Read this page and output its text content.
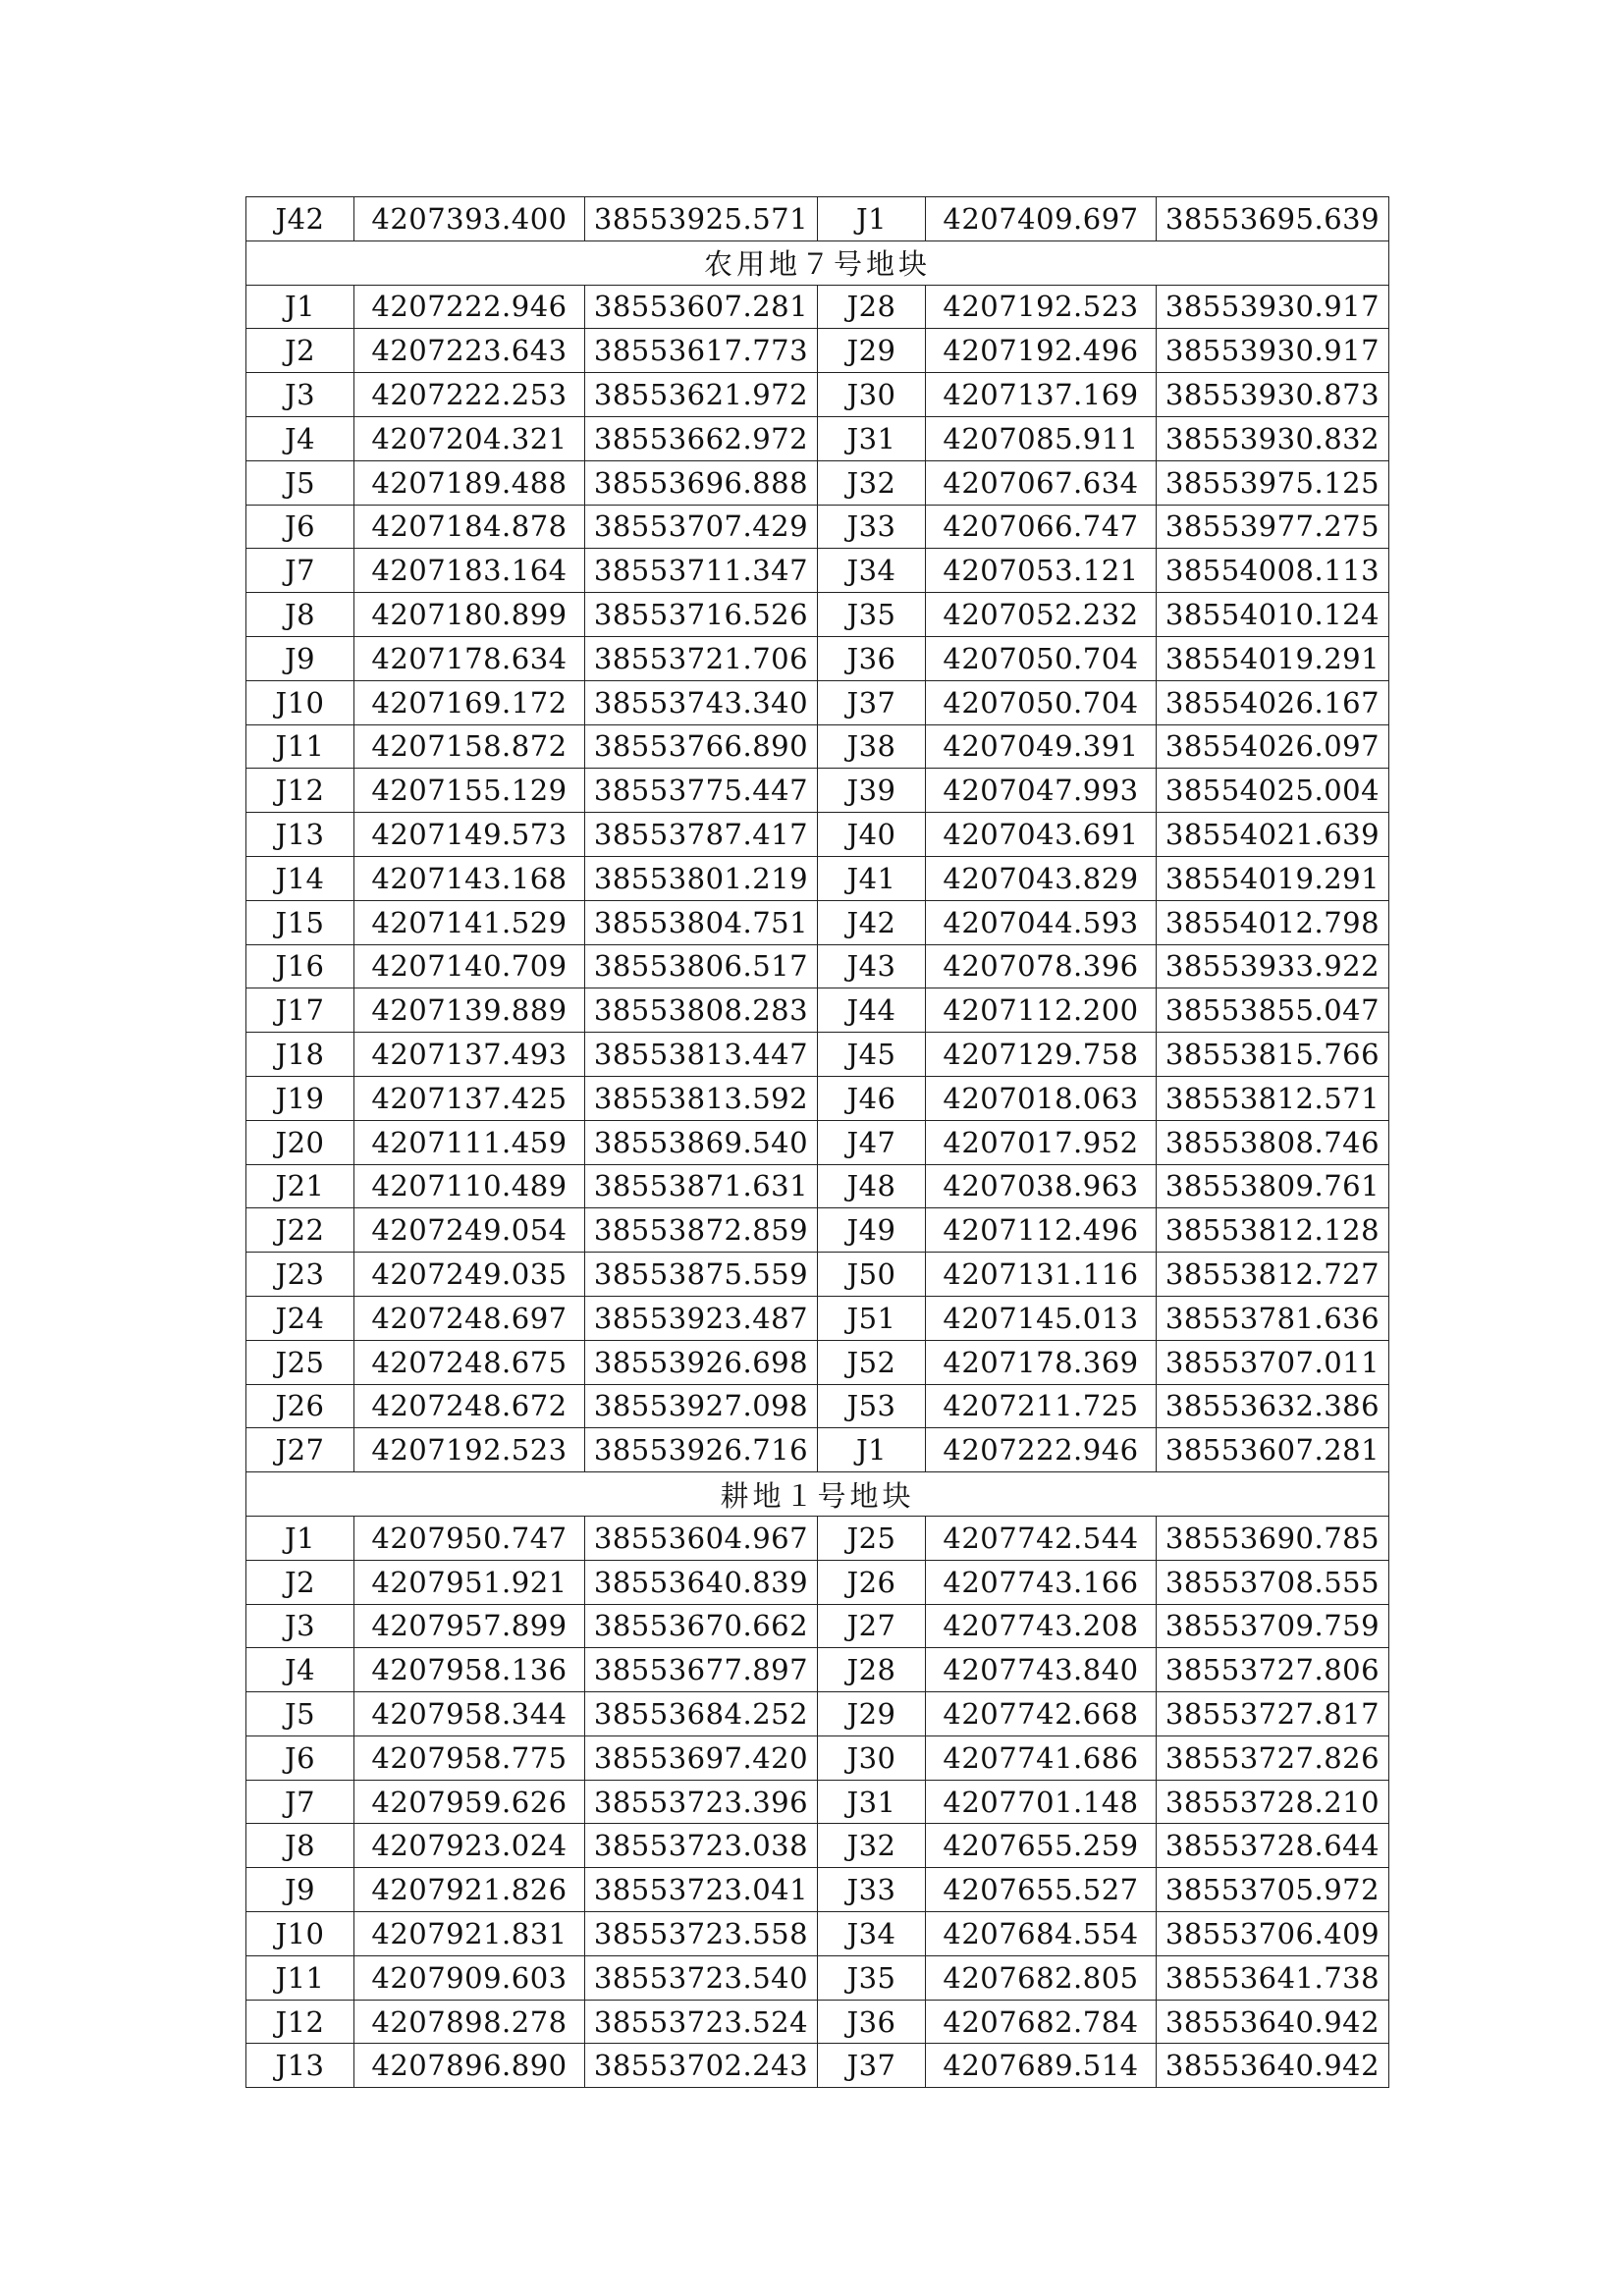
J42	4207393.400	38553925.571	J1	4207409.697	38553695.639
农用地７号地块					
J1	4207222.946	38553607.281	J28	4207192.523	38553930.917
J2	4207223.643	38553617.773	J29	4207192.496	38553930.917
J3	4207222.253	38553621.972	J30	4207137.169	38553930.873
J4	4207204.321	38553662.972	J31	4207085.911	38553930.832
J5	4207189.488	38553696.888	J32	4207067.634	38553975.125
J6	4207184.878	38553707.429	J33	4207066.747	38553977.275
J7	4207183.164	38553711.347	J34	4207053.121	38554008.113
J8	4207180.899	38553716.526	J35	4207052.232	38554010.124
J9	4207178.634	38553721.706	J36	4207050.704	38554019.291
J10	4207169.172	38553743.340	J37	4207050.704	38554026.167
J11	4207158.872	38553766.890	J38	4207049.391	38554026.097
J12	4207155.129	38553775.447	J39	4207047.993	38554025.004
J13	4207149.573	38553787.417	J40	4207043.691	38554021.639
J14	4207143.168	38553801.219	J41	4207043.829	38554019.291
J15	4207141.529	38553804.751	J42	4207044.593	38554012.798
J16	4207140.709	38553806.517	J43	4207078.396	38553933.922
J17	4207139.889	38553808.283	J44	4207112.200	38553855.047
J18	4207137.493	38553813.447	J45	4207129.758	38553815.766
J19	4207137.425	38553813.592	J46	4207018.063	38553812.571
J20	4207111.459	38553869.540	J47	4207017.952	38553808.746
J21	4207110.489	38553871.631	J48	4207038.963	38553809.761
J22	4207249.054	38553872.859	J49	4207112.496	38553812.128
J23	4207249.035	38553875.559	J50	4207131.116	38553812.727
J24	4207248.697	38553923.487	J51	4207145.013	38553781.636
J25	4207248.675	38553926.698	J52	4207178.369	38553707.011
J26	4207248.672	38553927.098	J53	4207211.725	38553632.386
J27	4207192.523	38553926.716	J1	4207222.946	38553607.281
耕地１号地块					
J1	4207950.747	38553604.967	J25	4207742.544	38553690.785
J2	4207951.921	38553640.839	J26	4207743.166	38553708.555
J3	4207957.899	38553670.662	J27	4207743.208	38553709.759
J4	4207958.136	38553677.897	J28	4207743.840	38553727.806
J5	4207958.344	38553684.252	J29	4207742.668	38553727.817
J6	4207958.775	38553697.420	J30	4207741.686	38553727.826
J7	4207959.626	38553723.396	J31	4207701.148	38553728.210
J8	4207923.024	38553723.038	J32	4207655.259	38553728.644
J9	4207921.826	38553723.041	J33	4207655.527	38553705.972
J10	4207921.831	38553723.558	J34	4207684.554	38553706.409
J11	4207909.603	38553723.540	J35	4207682.805	38553641.738
J12	4207898.278	38553723.524	J36	4207682.784	38553640.942
J13	4207896.890	38553702.243	J37	4207689.514	38553640.942
